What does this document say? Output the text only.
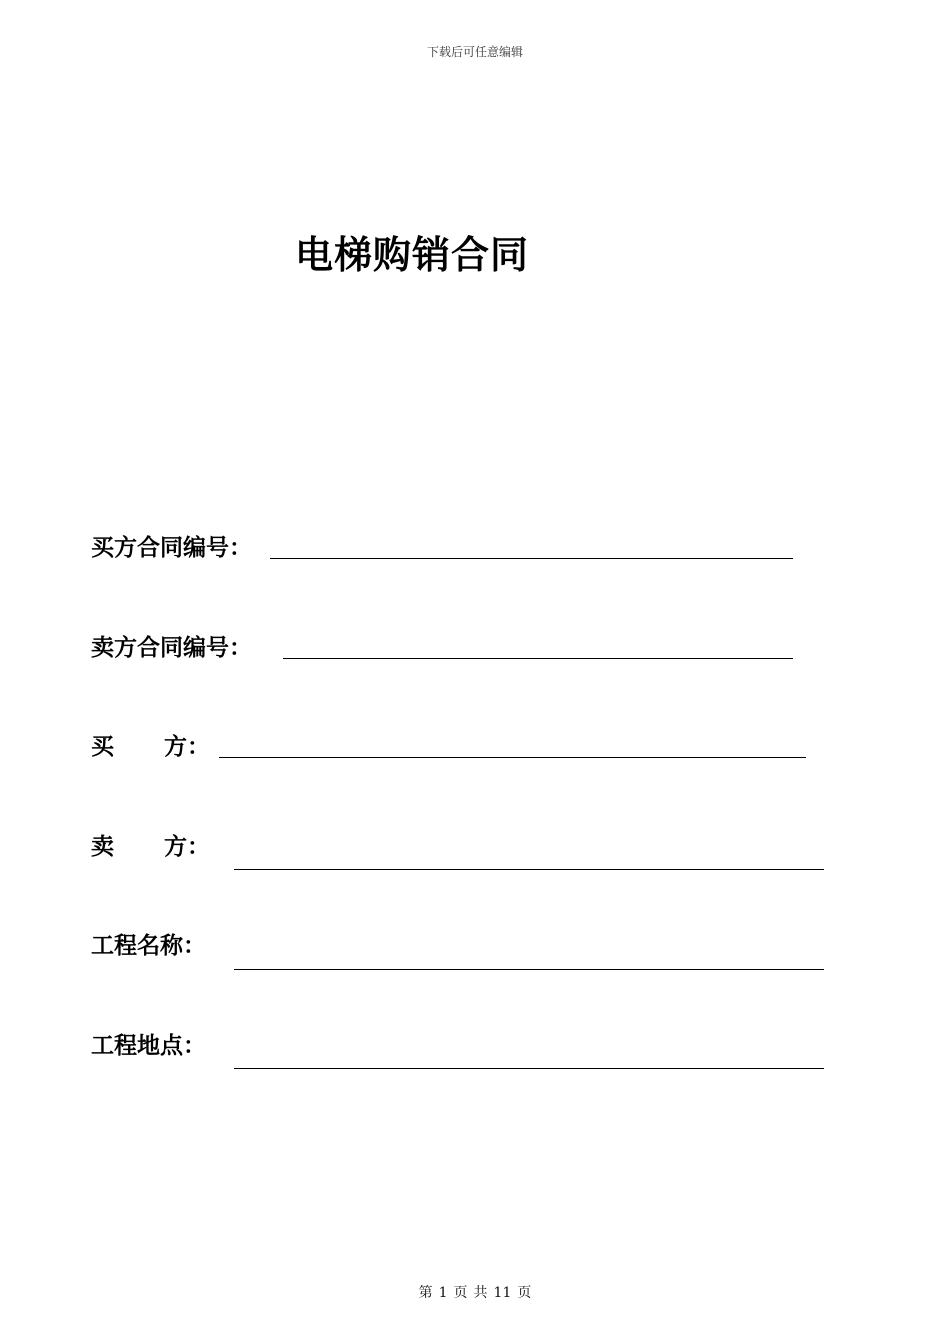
下载后可任意编辑
电梯购销合同
买方合同编号：
卖方合同编号：
买 方：
卖 方：
工程名称：
工程地点：
第 1 页 共 11 页
